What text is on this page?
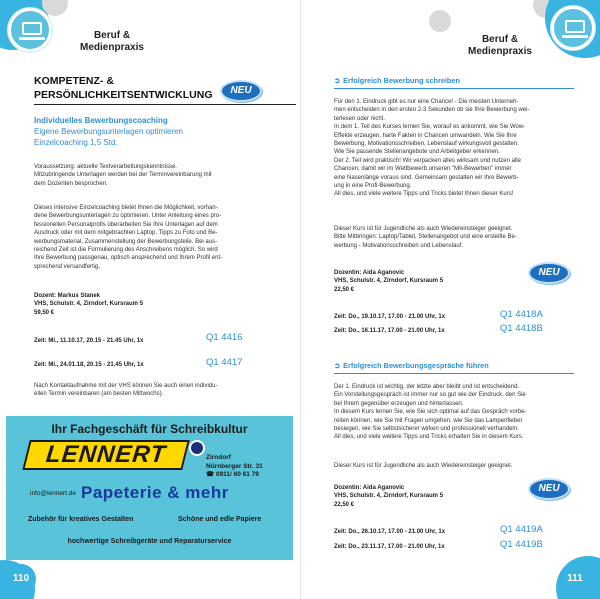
Beruf &
Medienpraxis
KOMPETENZ- &
PERSÖNLICHKEITSENTWICKLUNG	NEU
Individuelles Bewerbungscoaching
Eigene Bewerbungsunterlagen optimieren
Einzelcoaching 1,5 Std.

Voraussetzung: aktuelle Textverarbeitungskenntnisse.

Mitzubringende Unterlagen werden bei der Terminvereinbarung mit

dem Dozenten besprochen.

Dieses intensive Einzelcoaching bietet Ihnen die Möglichkeit, vorhan-

dene Bewerbungsunterlagen zu optimieren. Unter Anleitung eines pro-

fessionellen Personalprofis überarbeiten Sie Ihre Unterlagen auf dem

Ausdruck oder mit dem mitgebrachten Laptop. Tipps zu Foto und Be-

werbungsmaterial, Zusammenstellung der Bewerbungsteile. Bei aus-

reichend Zeit ist die Formulierung des Anschreibens möglich. So wird

Ihre Bewerbung passgenau, optisch ansprechend und Ihrem Profil ent-

sprechend versandfertig.

Dozent: Markus Stanek
VHS, Schulstr. 4, Zirndorf, Kursraum 5
59,50 €
Zeit: Mi., 11.10.17, 20.15 - 21.45 Uhr, 1x	Q1 4416
Zeit: Mi., 24.01.18, 20.15 - 21.45 Uhr, 1x	Q1 4417

Nach Kontaktaufnahme mit der VHS können Sie auch einen individu-

ellen Termin vereinbaren (am besten Mittwochs).

Ihr Fachgeschäft für Schreibkultur
LENNERT	Zirndorf
Nürnberger Str. 31
☎ 0911/ 60 61 79
info@lennert.de Papeterie & mehr
Zubehör für kreatives Gestalten	Schöne und edle Papiere
hochwertige Schreibgeräte und Reparaturservice
110
Beruf &
Medienpraxis
➲ Erfolgreich Bewerbung schreiben

Für den 1. Eindruck gibt es nur eine Chance! - Die meisten Unterneh-

men entscheiden in den ersten 2-3 Sekunden ob sie Ihre Bewerbung wei-

terlesen oder nicht.

In dem 1. Teil des Kurses lernen Sie, worauf es ankommt, wie Sie Wow-

Effekte erzeugen, harte Fakten in Chancen umwandeln. Wie Sie Ihre

Bewerbung, Motivationsschreiben, Lebenslauf wirkungsvoll gestalten.

Wie Sie passende Stellenangebote und Arbeitgeber erkennen.

Der 2. Teil wird praktisch! Wir verpacken alles wirksam und nutzen alle

Chancen, damit wir im Wettbewerb unseren "Mit-Bewerben" immer

eine Nasenlänge voraus sind. Gemeinsam gestalten wir Ihre Bewerb-

ung in eine Profi-Bewerbung.

All dies, und viele weitere Tipps und Tricks bietet Ihnen dieser Kurs!

Dieser Kurs ist für Jugendliche als auch Wiedereinsteiger geeignet.

Bitte Mitbringen: Laptop/Tablet, Stellenangebot und eine erstellte Be-

werbung - Motivationsschreiben und Lebenslauf.

NEU
Dozentin: Aida Aganovic
VHS, Schulstr. 4, Zirndorf, Kursraum 5
22,50 €
Zeit: Do., 19.10.17, 17.00 - 21.00 Uhr, 1x	Q1 4418A
Zeit: Do., 16.11.17, 17.00 - 21.00 Uhr, 1x	Q1 4418B
➲ Erfolgreich Bewerbungsgespräche führen

Der 1. Eindruck ist wichtig, der letzte aber bleibt und ist entscheidend.

Ein Vorstellungsgespräch ist immer nur so gut wie der Eindruck, den Sie

bei Ihrem gegenüber erzeugen und hinterlassen.

In diesem Kurs lernen Sie, wie Sie sich optimal auf das Gespräch vorbe-

reiten können, wie Sie mit Fragen umgehen, wie Sie das Lampenfieber

besiegen, wie Sie selbstsicherer wirken und professionell verhandeln.

All dies, und viele weitere Tipps und Tricks erhalten Sie in diesem Kurs.

Dieser Kurs ist für Jugendliche als auch Wiedereinsteiger geeignet.
NEU
Dozentin: Aida Aganovic
VHS, Schulstr. 4, Zirndorf, Kursraum 5
22,50 €
Zeit: Do., 26.10.17, 17.00 - 21.00 Uhr, 1x	Q1 4419A
Zeit: Do., 23.11.17, 17.00 - 21.00 Uhr, 1x	Q1 4419B
111
